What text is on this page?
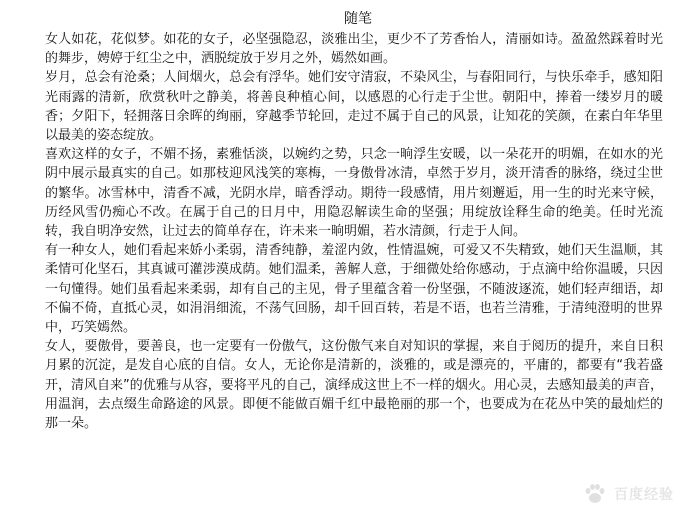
随笔

女人如花，花似梦。如花的女子，必坚强隐忍，淡雅出尘，更少不了芳香怡人，清丽如诗。盈盈然踩着时光的舞步，娉婷于红尘之中，洒脱绽放于岁月之外，嫣然如画。

岁月，总会有沧桑；人间烟火，总会有浮华。她们安守清寂，不染风尘，与春阳同行，与快乐牵手，感知阳光雨露的清新，欣赏秋叶之静美，将善良种植心间，以感恩的心行走于尘世。朝阳中，捧着一缕岁月的暖香；夕阳下，轻拥落日余晖的绚丽，穿越季节轮回，走过不属于自己的风景，让知花的笑颜，在素白年华里以最美的姿态绽放。

喜欢这样的女子，不媚不扬，素雅恬淡，以婉约之势，只念一晌浮生安暖，以一朵花开的明媚，在如水的光阴中展示最真实的自己。如那枝迎风浅笑的寒梅，一身傲骨冰清，卓然于岁月，淡开清香的脉络，绕过尘世的繁华。冰雪林中，清香不减，光阴水岸，暗香浮动。期待一段感情，用片刻邂逅，用一生的时光来守候，历经风雪仍痴心不改。在属于自己的日月中，用隐忍解读生命的坚强；用绽放诠释生命的绝美。任时光流转，我自明净安然，让过去的简单存在，许未来一晌明媚，若水清颜，行走于人间。

有一种女人，她们看起来娇小柔弱，清香纯静，羞涩内敛，性情温婉，可爱又不失精致，她们天生温顺，其柔情可化坚石，其真诚可灌涉漠成荫。她们温柔，善解人意，于细微处给你感动，于点滴中给你温暖，只因一句懂得。她们虽看起来柔弱，却有自己的主见，骨子里蕴含着一份坚强，不随波逐流，她们轻声细语，却不偏不倚，直抵心灵，如涓涓细流，不荡气回肠，却千回百转，若是不语，也若兰清雅，于清纯澄明的世界中，巧笑嫣然。

女人，要傲骨，要善良，也一定要有一份傲气，这份傲气来自对知识的掌握，来自于阅历的提升，来自日积月累的沉淀，是发自心底的自信。女人，无论你是清新的，淡雅的，或是漂亮的，平庸的，都要有“我若盛开，清风自来”的优雅与从容，要将平凡的自己，演绎成这世上不一样的烟火。用心灵，去感知最美的声音，用温润，去点缀生命路途的风景。即便不能做百媚千红中最艳丽的那一个，也要成为在花丛中笑的最灿烂的那一朵。

百度经验
